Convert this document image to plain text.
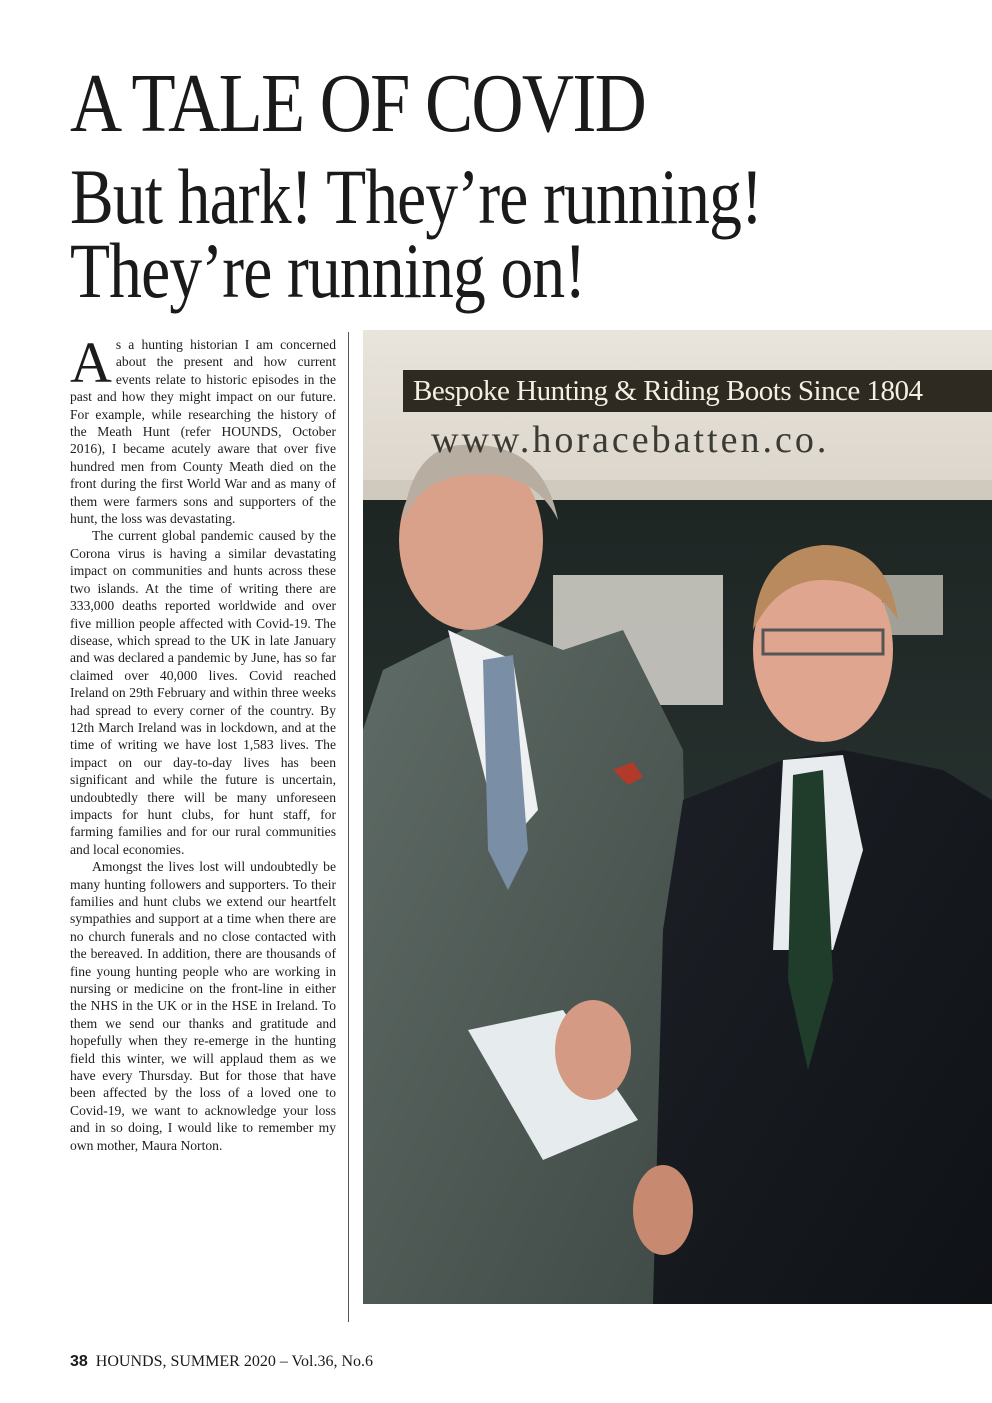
A TALE OF COVID
But hark! They’re running!
They’re running on!

As a hunting historian I am concerned about the present and how current events relate to historic episodes in the past and how they might impact on our future. For example, while researching the history of the Meath Hunt (refer HOUNDS, October 2016), I became acutely aware that over five hundred men from County Meath died on the front during the first World War and as many of them were farmers sons and supporters of the hunt, the loss was devastating.

The current global pandemic caused by the Corona virus is having a similar devastating impact on communities and hunts across these two islands. At the time of writing there are 333,000 deaths reported worldwide and over five million people affected with Covid-19. The disease, which spread to the UK in late January and was declared a pandemic by June, has so far claimed over 40,000 lives. Covid reached Ireland on 29th February and within three weeks had spread to every corner of the country. By 12th March Ireland was in lockdown, and at the time of writing we have lost 1,583 lives. The impact on our day-to-day lives has been significant and while the future is uncertain, undoubtedly there will be many unforeseen impacts for hunt clubs, for hunt staff, for farming families and for our rural communities and local economies.

Amongst the lives lost will undoubtedly be many hunting followers and supporters. To their families and hunt clubs we extend our heartfelt sympathies and support at a time when there are no church funerals and no close contacted with the bereaved. In addition, there are thousands of fine young hunting people who are working in nursing or medicine on the front-line in either the NHS in the UK or in the HSE in Ireland. To them we send our thanks and gratitude and hopefully when they re-emerge in the hunting field this winter, we will applaud them as we have every Thursday. But for those that have been affected by the loss of a loved one to Covid-19, we want to acknowledge your loss and in so doing, I would like to remember my own mother, Maura Norton.

Bespoke Hunting & Riding Boots Since 1804
www.horacebatten.co.
38 HOUNDS, SUMMER 2020 – Vol.36, No.6
